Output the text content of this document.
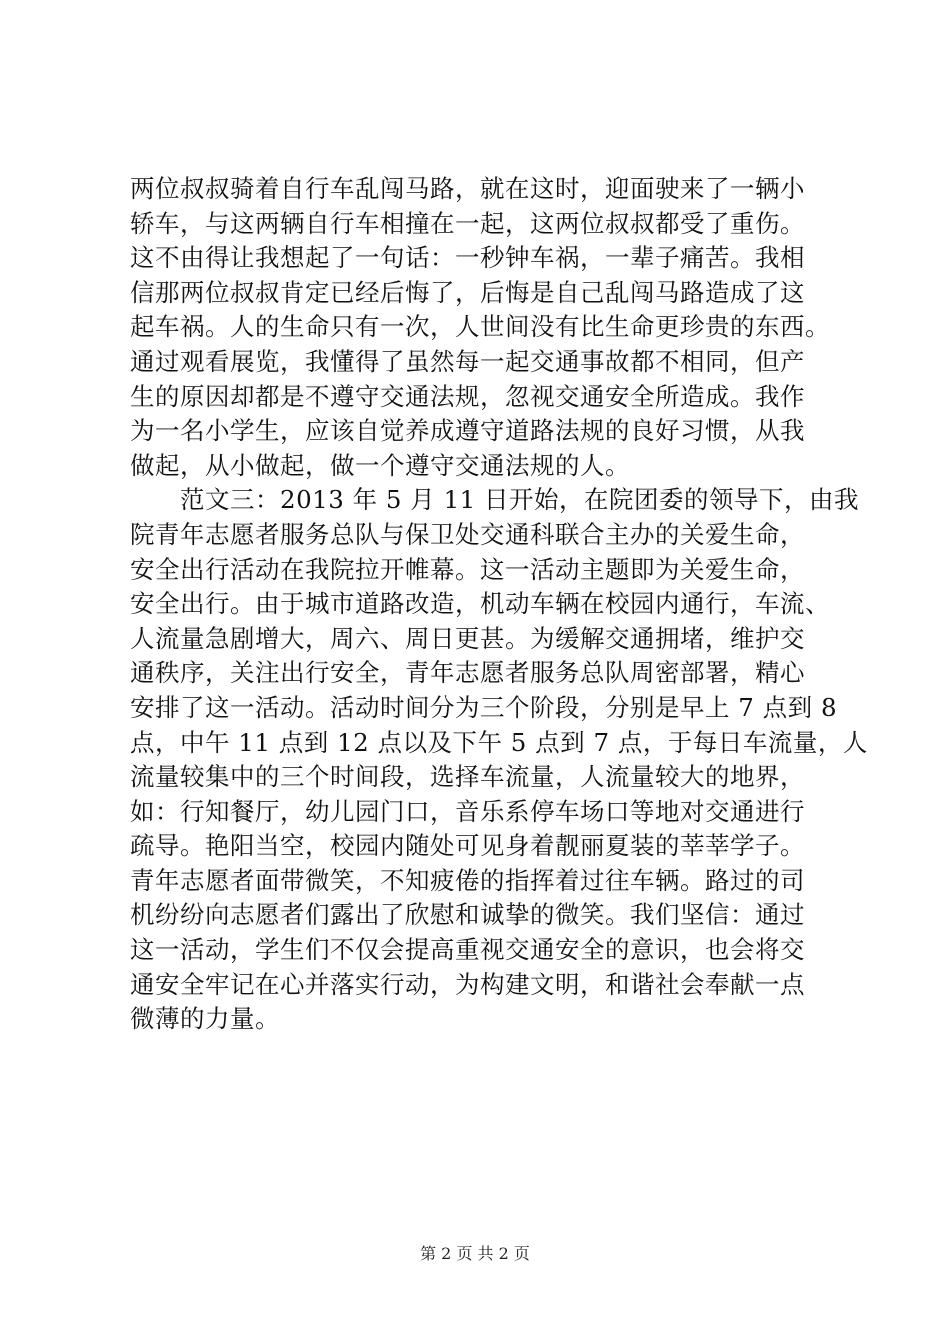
两位叔叔骑着自行车乱闯马路，就在这时，迎面驶来了一辆小
轿车，与这两辆自行车相撞在一起，这两位叔叔都受了重伤。
这不由得让我想起了一句话：一秒钟车祸，一辈子痛苦。我相
信那两位叔叔肯定已经后悔了，后悔是自己乱闯马路造成了这
起车祸。人的生命只有一次，人世间没有比生命更珍贵的东西。
通过观看展览，我懂得了虽然每一起交通事故都不相同，但产
生的原因却都是不遵守交通法规，忽视交通安全所造成。我作
为一名小学生，应该自觉养成遵守道路法规的良好习惯，从我
做起，从小做起，做一个遵守交通法规的人。
　　范文三：2013 年 5 月 11 日开始，在院团委的领导下，由我
院青年志愿者服务总队与保卫处交通科联合主办的关爱生命，
安全出行活动在我院拉开帷幕。这一活动主题即为关爱生命，
安全出行。由于城市道路改造，机动车辆在校园内通行，车流、
人流量急剧增大，周六、周日更甚。为缓解交通拥堵，维护交
通秩序，关注出行安全，青年志愿者服务总队周密部署，精心
安排了这一活动。活动时间分为三个阶段，分别是早上 7 点到 8
点，中午 11 点到 12 点以及下午 5 点到 7 点，于每日车流量，人
流量较集中的三个时间段，选择车流量，人流量较大的地界，
如：行知餐厅，幼儿园门口，音乐系停车场口等地对交通进行
疏导。艳阳当空，校园内随处可见身着靓丽夏装的莘莘学子。
青年志愿者面带微笑，不知疲倦的指挥着过往车辆。路过的司
机纷纷向志愿者们露出了欣慰和诚挚的微笑。我们坚信：通过
这一活动，学生们不仅会提高重视交通安全的意识，也会将交
通安全牢记在心并落实行动，为构建文明，和谐社会奉献一点
微薄的力量。
第 2 页 共 2 页
